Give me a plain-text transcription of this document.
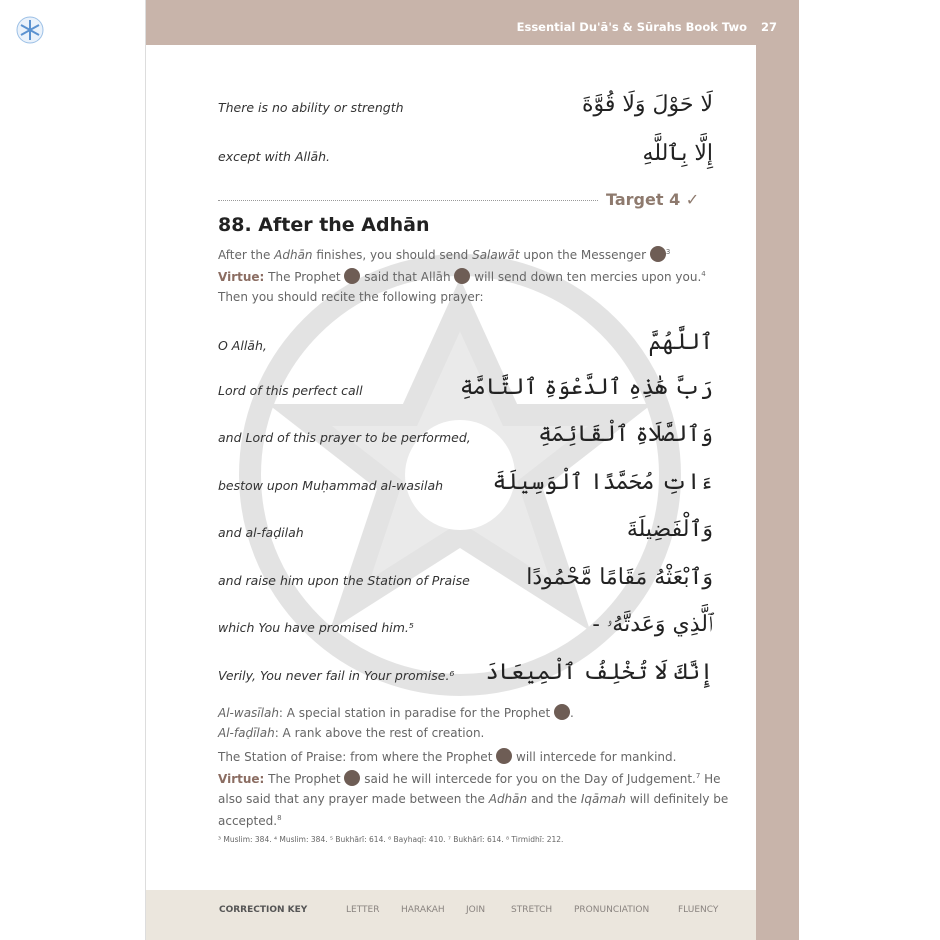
Essential Du'ā's & Sūrahs Book Two 27
CORRECTION KEY	LETTER HARAKAH JOIN	STRETCH PRONUNCIATION	FLUENCY
There is no ability or strength	لَا حَوْلَ وَلَا قُوَّةَ
except with Allāh.	إِلَّا بِٱللَّهِ
Target 4 ✓
88. After the Adhān
After the Adhān finishes, you should send Salawāt upon the Messenger $^3$
Virtue: The Prophet  said that Allāh  will send down ten mercies upon you.$^4$
Then you should recite the following prayer:
O Allāh,	ٱللَّهُمَّ
Lord of this perfect call	رَبَّ هَٰذِهِ ٱلدَّعْوَةِ ٱلتَّامَّةِ
and Lord of this prayer to be performed,	وَٱلصَّلَاةِ ٱلْقَائِمَةِ
bestow upon Muḥammad al-wasilah ءَاتِ مُحَمَّدًا ٱلْوَسِيلَةَ
and al-faḍilah	وَٱلْفَضِيلَةَ
and raise him upon the Station of Praise	وَٱبْعَثْهُ مَقَامًا مَّحْمُودًا
which You have promised him.⁵	ٱلَّذِي وَعَدتَّهُۥ -
Verily, You never fail in Your promise.⁶ إِنَّكَ لَا تُخْلِفُ ٱلْمِيعَادَ
Al-wasīlah: A special station in paradise for the Prophet .
Al-faḍīlah: A rank above the rest of creation.
The Station of Praise: from where the Prophet  will intercede for mankind.
Virtue: The Prophet  said he will intercede for you on the Day of Judgement.$^7$ He
also said that any prayer made between the Adhān and the Iqāmah will definitely be
accepted.$^8$
³ Muslim: 384. ⁴ Muslim: 384. ⁵ Bukhārī: 614. ⁶ Bayhaqī: 410. ⁷ Bukhārī: 614. ⁸ Tirmidhī: 212.
